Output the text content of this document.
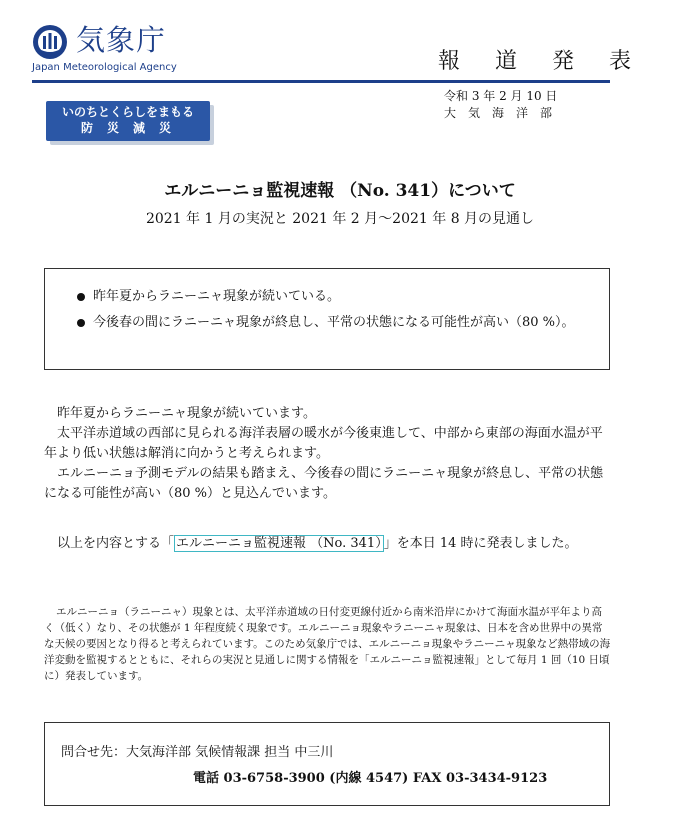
気象庁
Japan Meteorological Agency	報 道 発 表
令和 3 年 2 月 10 日
大　気　海　洋　部
いのちとくらしをまもる
防災減災
エルニーニョ監視速報 （No. 341）について
2021 年 1 月の実況と 2021 年 2 月～2021 年 8 月の見通し
昨年夏からラニーニャ現象が続いている。
今後春の間にラニーニャ現象が終息し、平常の状態になる可能性が高い（80 %）。

昨年夏からラニーニャ現象が続いています。

太平洋赤道域の西部に見られる海洋表層の暖水が今後東進して、中部から東部の海面水温が平年より低い状態は解消に向かうと考えられます。

エルニーニョ予測モデルの結果も踏まえ、今後春の間にラニーニャ現象が終息し、平常の状態になる可能性が高い（80 %）と見込んでいます。

以上を内容とする「 エルニーニョ監視速報 （No. 341） 」を本日 14 時に発表しました。

エルニーニョ（ラニーニャ）現象とは、太平洋赤道域の日付変更線付近から南米沿岸にかけて海面水温が平年より高く（低く）なり、その状態が 1 年程度続く現象です。エルニーニョ現象やラニーニャ現象は、日本を含め世界中の異常な天候の要因となり得ると考えられています。このため気象庁では、エルニーニョ現象やラニーニャ現象など熱帯域の海洋変動を監視するとともに、それらの実況と見通しに関する情報を「エルニーニョ監視速報」として毎月 1 回（10 日頃に）発表しています。
問合せ先：大気海洋部 気候情報課 担当 中三川
電話 03-6758-3900 (内線 4547) FAX 03-3434-9123
